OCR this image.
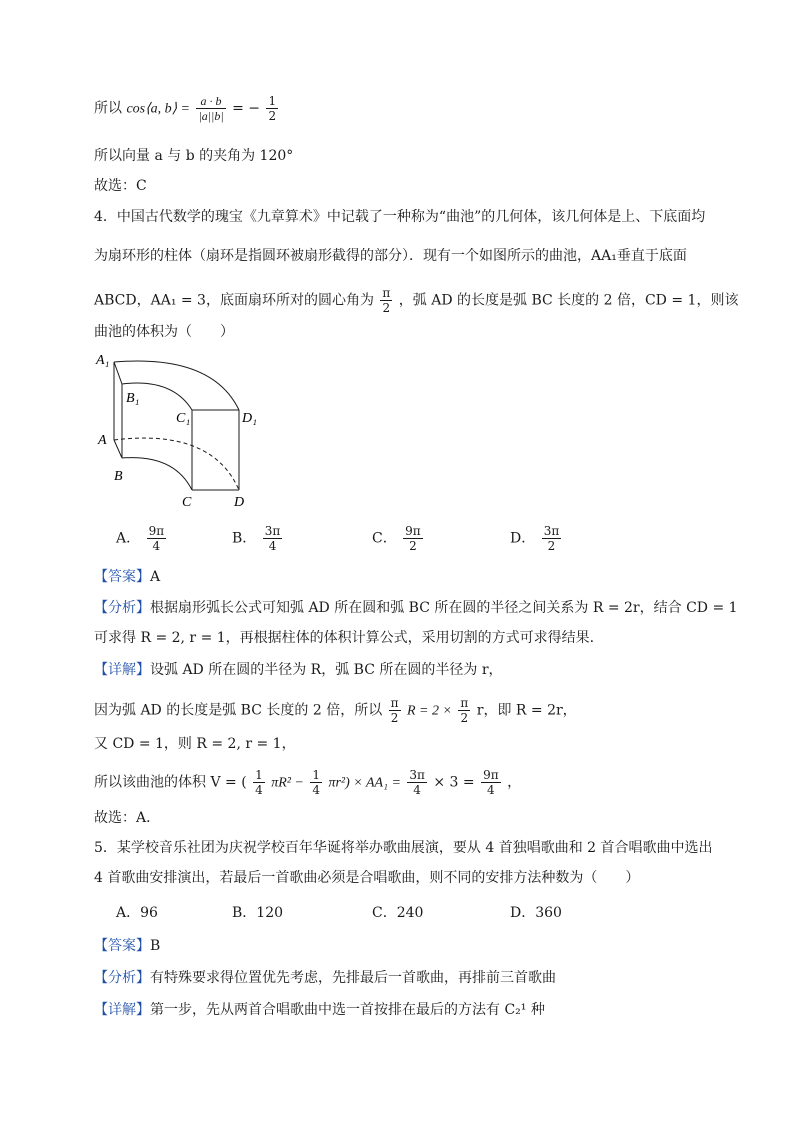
所以 cos⟨a, b⟩ = $\frac{a \cdot b}{|a||b|}$ = − $\frac{1}{2}$
所以向量 a 与 b 的夹角为 120°
故选：C
4．中国古代数学的瑰宝《九章算术》中记载了一种称为“曲池”的几何体，该几何体是上、下底面均
为扇环形的柱体（扇环是指圆环被扇形截得的部分）．现有一个如图所示的曲池，AA₁垂直于底面
ABCD，AA₁ = 3，底面扇环所对的圆心角为 $\frac{\pi}{2}$ ，弧 AD 的长度是弧 BC 长度的 2 倍，CD = 1，则该
曲池的体积为（　　）
A₁
B₁
C₁	D₁
A
B
C	D
A． $\frac{9\pi}{4}$	B． $\frac{3\pi}{4}$	C． $\frac{9\pi}{2}$	D． $\frac{3\pi}{2}$
【答案】A
【分析】根据扇形弧长公式可知弧 AD 所在圆和弧 BC 所在圆的半径之间关系为 R = 2r，结合 CD = 1
可求得 R = 2, r = 1，再根据柱体的体积计算公式，采用切割的方式可求得结果.
【详解】设弧 AD 所在圆的半径为 R，弧 BC 所在圆的半径为 r，
因为弧 AD 的长度是弧 BC 长度的 2 倍，所以 $\frac{\pi}{2}$ $R = 2 \times \frac{\pi}{2}$ r，即 R = 2r，
又 CD = 1，则 R = 2, r = 1，
所以该曲池的体积 V = ( $\frac{1}{4} \pi R^2 - \frac{1}{4} \pi r^2) \times AA_1 = \frac{3\pi}{4} \times 3 = \frac{9\pi}{4}$ ，
故选：A．
5．某学校音乐社团为庆祝学校百年华诞将举办歌曲展演，要从 4 首独唱歌曲和 2 首合唱歌曲中选出
4 首歌曲安排演出，若最后一首歌曲必须是合唱歌曲，则不同的安排方法种数为（　　）
A．96	B．120	C．240	D．360
【答案】B
【分析】有特殊要求得位置优先考虑，先排最后一首歌曲，再排前三首歌曲
【详解】第一步，先从两首合唱歌曲中选一首按排在最后的方法有 C₂¹ 种
